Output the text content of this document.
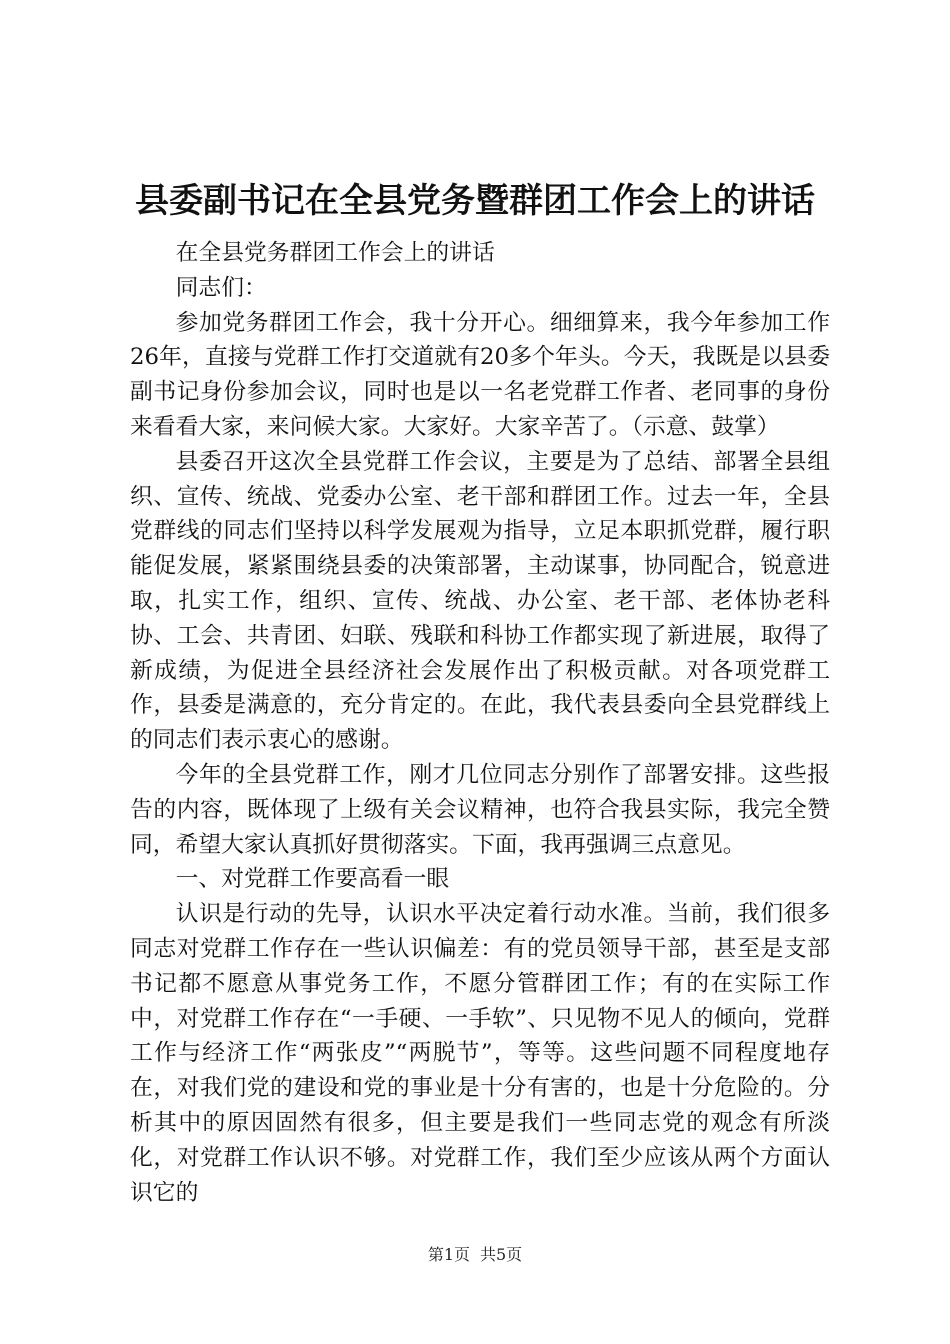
县委副书记在全县党务暨群团工作会上的讲话

在全县党务群团工作会上的讲话

同志们：

参加党务群团工作会，我十分开心。细细算来，我今年参加工作26年，直接与党群工作打交道就有20多个年头。今天，我既是以县委副书记身份参加会议，同时也是以一名老党群工作者、老同事的身份来看看大家，来问候大家。大家好。大家辛苦了。（示意、鼓掌）

县委召开这次全县党群工作会议，主要是为了总结、部署全县组织、宣传、统战、党委办公室、老干部和群团工作。过去一年，全县党群线的同志们坚持以科学发展观为指导，立足本职抓党群，履行职能促发展，紧紧围绕县委的决策部署，主动谋事，协同配合，锐意进取，扎实工作，组织、宣传、统战、办公室、老干部、老体协老科协、工会、共青团、妇联、残联和科协工作都实现了新进展，取得了新成绩，为促进全县经济社会发展作出了积极贡献。对各项党群工作，县委是满意的，充分肯定的。在此，我代表县委向全县党群线上的同志们表示衷心的感谢。

今年的全县党群工作，刚才几位同志分别作了部署安排。这些报告的内容，既体现了上级有关会议精神，也符合我县实际，我完全赞同，希望大家认真抓好贯彻落实。下面，我再强调三点意见。

一、对党群工作要高看一眼

认识是行动的先导，认识水平决定着行动水准。当前，我们很多同志对党群工作存在一些认识偏差：有的党员领导干部，甚至是支部书记都不愿意从事党务工作，不愿分管群团工作；有的在实际工作中，对党群工作存在“一手硬、一手软”、只见物不见人的倾向，党群工作与经济工作“两张皮”“两脱节”，等等。这些问题不同程度地存在，对我们党的建设和党的事业是十分有害的，也是十分危险的。分析其中的原因固然有很多，但主要是我们一些同志党的观念有所淡化，对党群工作认识不够。对党群工作，我们至少应该从两个方面认识它的

第1页 共5页
